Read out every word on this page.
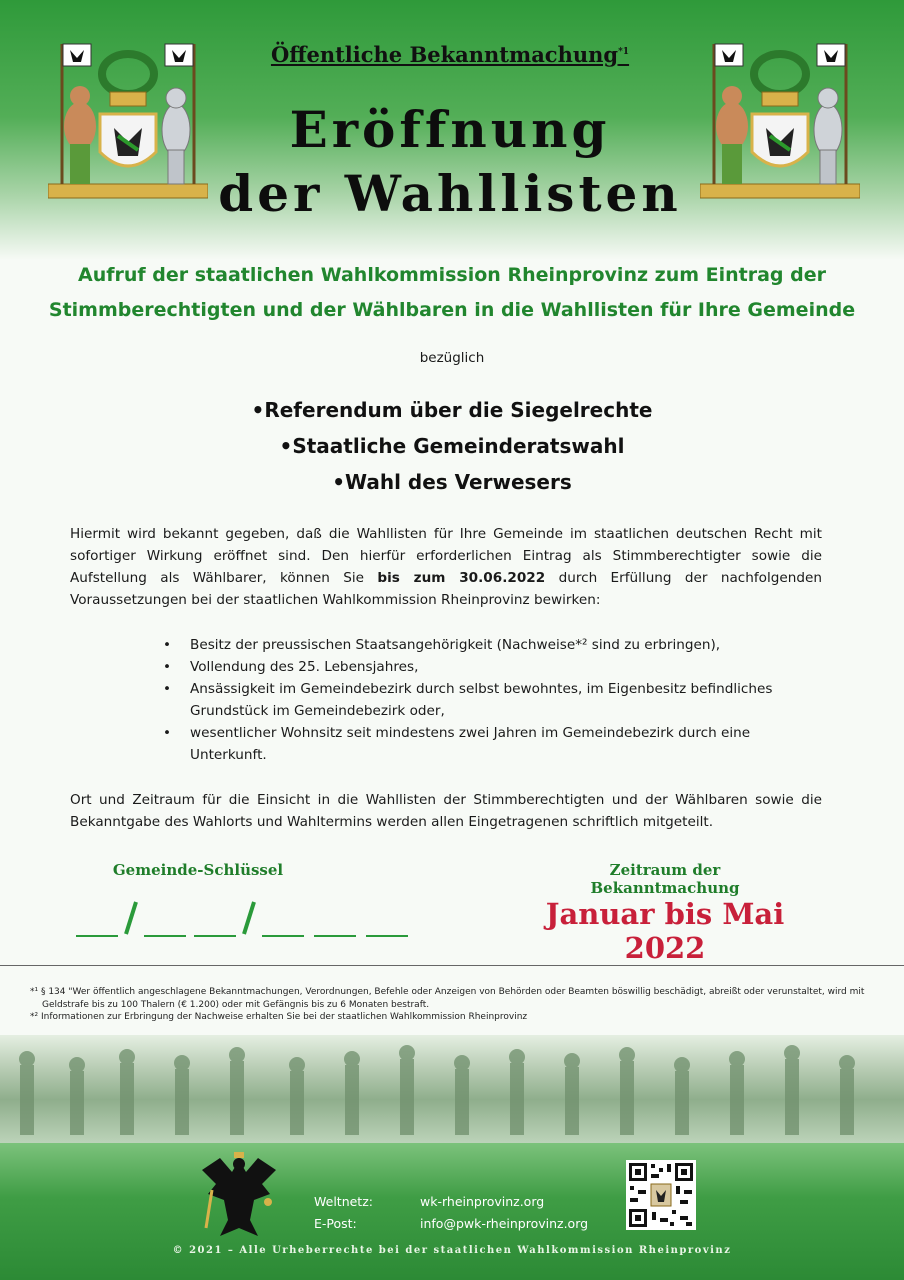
Öffentliche Bekanntmachung$^{*1}$
Eröffnung
der Wahllisten
Aufruf der staatlichen Wahlkommission Rheinprovinz zum Eintrag der
Stimmberechtigten und der Wählbaren in die Wahllisten für Ihre Gemeinde
bezüglich
• Referendum über die Siegelrechte
• Staatliche Gemeinderatswahl
• Wahl des Verwesers
Hiermit wird bekannt gegeben, daß die Wahllisten für Ihre Gemeinde im staatlichen deutschen Recht mit sofortiger Wirkung eröffnet sind. Den hierfür erforderlichen Eintrag als Stimmberechtigter sowie die Aufstellung als Wählbarer, können Sie bis zum 30.06.2022 durch Erfüllung der nachfolgenden Voraussetzungen bei der staatlichen Wahlkommission Rheinprovinz bewirken:
• Besitz der preussischen Staatsangehörigkeit (Nachweise*² sind zu erbringen),
• Vollendung des 25. Lebensjahres,
• Ansässigkeit im Gemeindebezirk durch selbst bewohntes, im Eigenbesitz befindliches Grundstück im Gemeindebezirk oder,
• wesentlicher Wohnsitz seit mindestens zwei Jahren im Gemeindebezirk durch eine Unterkunft.
Ort und Zeitraum für die Einsicht in die Wahllisten der Stimmberechtigten und der Wählbaren sowie die Bekanntgabe des Wahlorts und Wahltermins werden allen Eingetragenen schriftlich mitgeteilt.
Gemeinde-Schlüssel	Zeitraum der Bekanntmachung
Januar bis Mai 2022
*¹ § 134 "Wer öffentlich angeschlagene Bekanntmachungen, Verordnungen, Befehle oder Anzeigen von Behörden oder Beamten böswillig beschädigt, abreißt oder verunstaltet, wird mit Geldstrafe bis zu 100 Thalern (€ 1.200) oder mit Gefängnis bis zu 6 Monaten bestraft.
*² Informationen zur Erbringung der Nachweise erhalten Sie bei der staatlichen Wahlkommission Rheinprovinz
Weltnetz:	wk-rheinprovinz.org
E-Post:	info@pwk-rheinprovinz.org
© 2021 – Alle Urheberrechte bei der staatlichen Wahlkommission Rheinprovinz
